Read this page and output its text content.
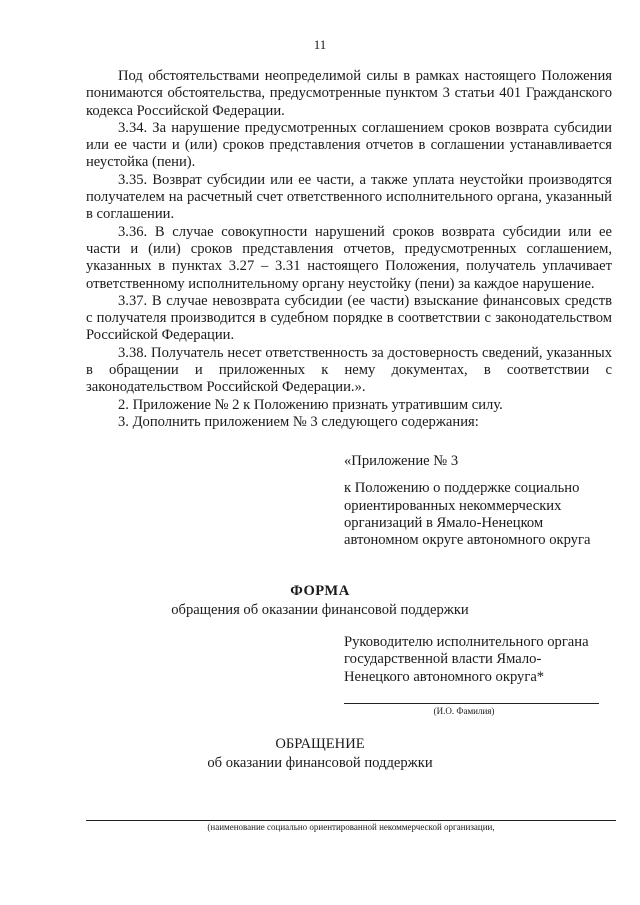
11

Под обстоятельствами неопределимой силы в рамках настоящего Положения понимаются обстоятельства, предусмотренные пунктом 3 статьи 401 Гражданского кодекса Российской Федерации.

3.34. За нарушение предусмотренных соглашением сроков возврата субсидии или ее части и (или) сроков представления отчетов в соглашении устанавливается неустойка (пени).

3.35. Возврат субсидии или ее части, а также уплата неустойки производятся получателем на расчетный счет ответственного исполнительного органа, указанный в соглашении.

3.36. В случае совокупности нарушений сроков возврата субсидии или ее части и (или) сроков представления отчетов, предусмотренных соглашением, указанных в пунктах 3.27 – 3.31 настоящего Положения, получатель уплачивает ответственному исполнительному органу неустойку (пени) за каждое нарушение.

3.37. В случае невозврата субсидии (ее части) взыскание финансовых средств с получателя производится в судебном порядке в соответствии с законодательством Российской Федерации.

3.38. Получатель несет ответственность за достоверность сведений, указанных в обращении и приложенных к нему документах, в соответствии с законодательством Российской Федерации.».

2. Приложение № 2 к Положению признать утратившим силу.

3. Дополнить приложением № 3 следующего содержания:

«Приложение № 3

к Положению о поддержке социально

ориентированных некоммерческих

организаций в Ямало-Ненецком

автономном округе автономного округа

ФОРМА
обращения об оказании финансовой поддержки

Руководителю исполнительного органа

государственной власти Ямало-

Ненецкого автономного округа*

(И.О. Фамилия)
ОБРАЩЕНИЕ
об оказании финансовой поддержки
(наименование социально ориентированной некоммерческой организации,
